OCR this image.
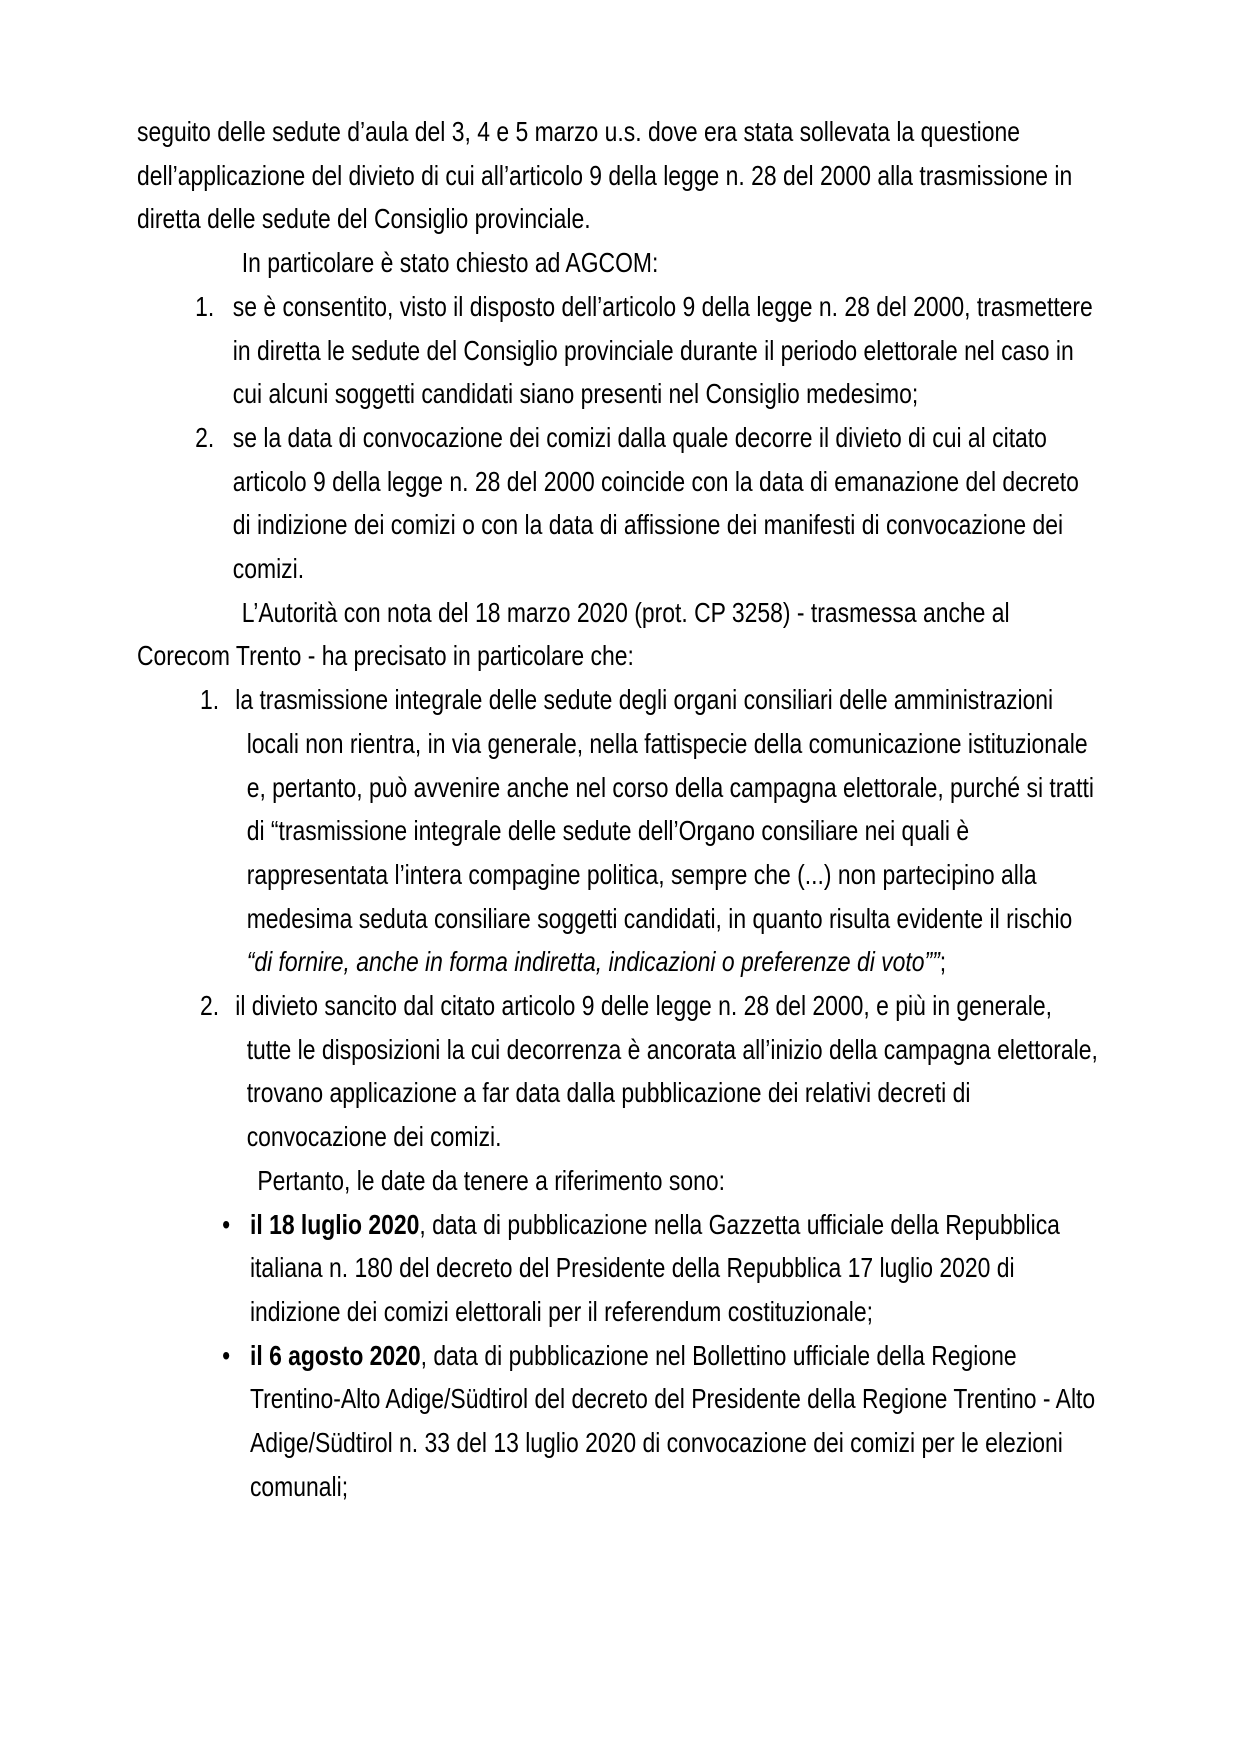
seguito delle sedute d’aula del 3, 4 e 5 marzo u.s. dove era stata sollevata la questione dell’applicazione del divieto di cui all’articolo 9 della legge n. 28 del 2000 alla trasmissione in diretta delle sedute del Consiglio provinciale.

In particolare è stato chiesto ad AGCOM:

1. se è consentito, visto il disposto dell’articolo 9 della legge n. 28 del 2000, trasmettere in diretta le sedute del Consiglio provinciale durante il periodo elettorale nel caso in cui alcuni soggetti candidati siano presenti nel Consiglio medesimo;
2. se la data di convocazione dei comizi dalla quale decorre il divieto di cui al citato articolo 9 della legge n. 28 del 2000 coincide con la data di emanazione del decreto di indizione dei comizi o con la data di affissione dei manifesti di convocazione dei comizi.

L’Autorità con nota del 18 marzo 2020 (prot. CP 3258) - trasmessa anche al Corecom Trento - ha precisato in particolare che:

1. la trasmissione integrale delle sedute degli organi consiliari delle amministrazioni locali non rientra, in via generale, nella fattispecie della comunicazione istituzionale e, pertanto, può avvenire anche nel corso della campagna elettorale, purché si tratti di “trasmissione integrale delle sedute dell’Organo consiliare nei quali è rappresentata l’intera compagine politica, sempre che (...) non partecipino alla medesima seduta consiliare soggetti candidati, in quanto risulta evidente il rischio “di fornire, anche in forma indiretta, indicazioni o preferenze di voto””;
2. il divieto sancito dal citato articolo 9 delle legge n. 28 del 2000, e più in generale, tutte le disposizioni la cui decorrenza è ancorata all’inizio della campagna elettorale, trovano applicazione a far data dalla pubblicazione dei relativi decreti di convocazione dei comizi.

Pertanto, le date da tenere a riferimento sono:

• il 18 luglio 2020, data di pubblicazione nella Gazzetta ufficiale della Repubblica italiana n. 180 del decreto del Presidente della Repubblica 17 luglio 2020 di indizione dei comizi elettorali per il referendum costituzionale;
• il 6 agosto 2020, data di pubblicazione nel Bollettino ufficiale della Regione Trentino-Alto Adige/Südtirol del decreto del Presidente della Regione Trentino - Alto Adige/Südtirol n. 33 del 13 luglio 2020 di convocazione dei comizi per le elezioni comunali;
